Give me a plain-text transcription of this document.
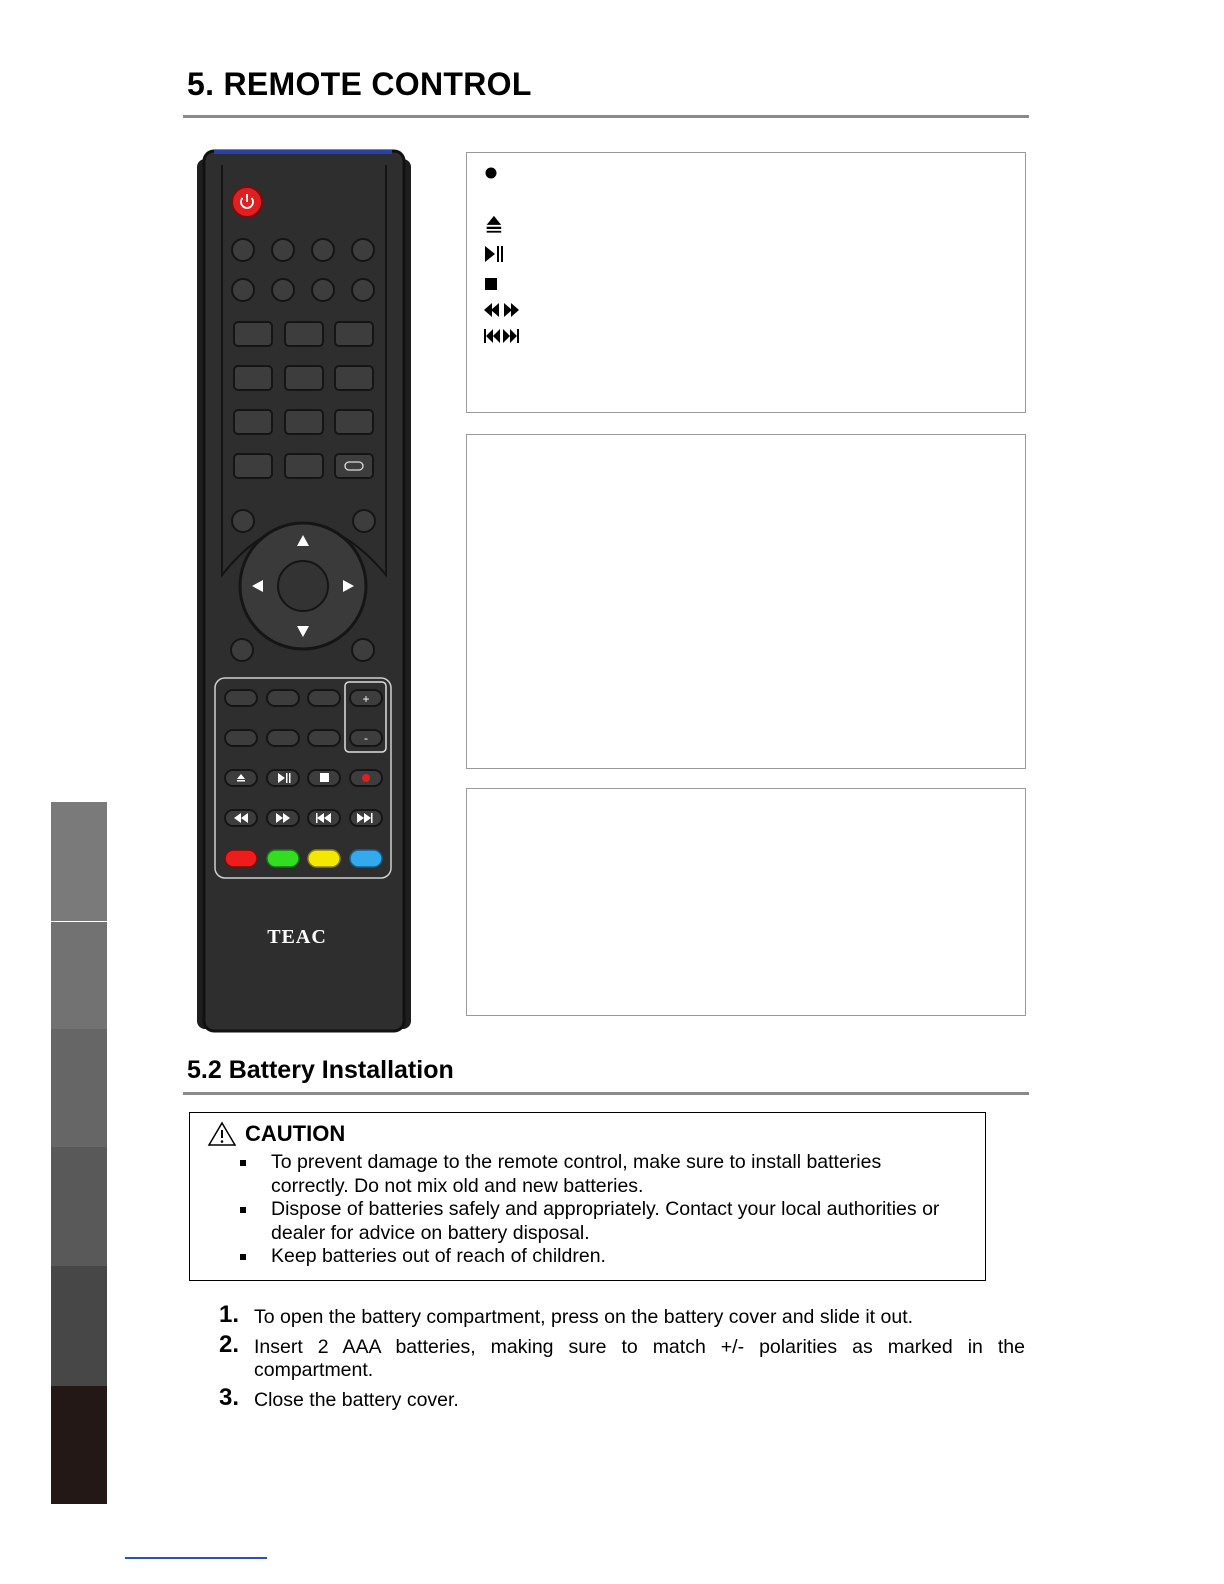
5. REMOTE CONTROL
+
-
TEAC
5.2 Battery Installation
CAUTION
To prevent damage to the remote control, make sure to install batteries correctly. Do not mix old and new batteries.
Dispose of batteries safely and appropriately. Contact your local authorities or dealer for advice on battery disposal.
Keep batteries out of reach of children.
1. To open the battery compartment, press on the battery cover and slide it out.
2. Insert 2 AAA batteries, making sure to match +/- polarities as marked in the compartment.
3. Close the battery cover.
